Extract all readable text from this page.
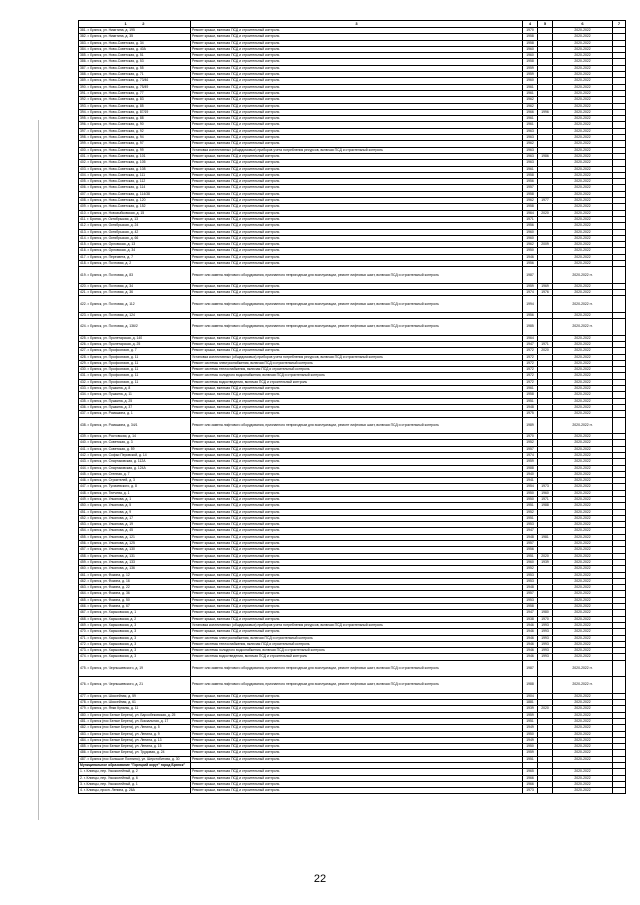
1 2	3	4	5	6	7
381. г. Брянск, ул. Никитина, д. 195	Ремонт крыши, включая ПСД и строительный контроль	1970		2020-2022	
382. г. Брянск, ул. Никитина, д. 35	Ремонт крыши, включая ПСД и строительный контроль	1958		2020-2022	
383. г. Брянск, ул. Ново-Советская, д. 34	Ремонт крыши, включая ПСД и строительный контроль	1958		2020-2022	
384. г. Брянск, ул. Ново-Советская, д. 40А	Ремонт крыши, включая ПСД и строительный контроль	1960		2020-2022	
385. г. Брянск, ул. Ново-Советская, д. 51	Ремонт крыши, включая ПСД и строительный контроль	1960		2020-2022	
386. г. Брянск, ул. Ново-Советская, д. 53	Ремонт крыши, включая ПСД и строительный контроль	1958		2020-2022	
387. г. Брянск, ул. Ново-Советская, д. 55	Ремонт крыши, включая ПСД и строительный контроль	1959		2020-2022	
388. г. Брянск, ул. Ново-Советская, д. 71	Ремонт крыши, включая ПСД и строительный контроль	1959		2020-2022	
389. г. Брянск, ул. Ново-Советская, д. 73/46	Ремонт крыши, включая ПСД и строительный контроль	1960		2020-2022	
390. г. Брянск, ул. Ново-Советская, д. 75/49	Ремонт крыши, включая ПСД и строительный контроль	1961		2020-2022	
391. г. Брянск, ул. Ново-Советская, д. 77	Ремонт крыши, включая ПСД и строительный контроль	1961		2020-2022	
392. г. Брянск, ул. Ново-Советская, д. 83	Ремонт крыши, включая ПСД и строительный контроль	1962		2020-2022	
393. г. Брянск, ул. Ново-Советская, д. 85	Ремонт крыши, включая ПСД и строительный контроль	1962		2020-2022	
394. г. Брянск, ул. Ново-Советская, д. 87/19	Ремонт крыши, включая ПСД и строительный контроль	1966	1996	2020-2022	
395. г. Брянск, ул. Ново-Советская, д. 88	Ремонт крыши, включая ПСД и строительный контроль	1961		2020-2022	
396. г. Брянск, ул. Ново-Советская, д. 90	Ремонт крыши, включая ПСД и строительный контроль	1961		2020-2022	
397. г. Брянск, ул. Ново-Советская, д. 92	Ремонт крыши, включая ПСД и строительный контроль	1963		2020-2022	
398. г. Брянск, ул. Ново-Советская, д. 94	Ремонт крыши, включая ПСД и строительный контроль	1963		2020-2022	
399. г. Брянск, ул. Ново-Советская, д. 97	Ремонт крыши, включая ПСД и строительный контроль	1962		2020-2022	
400. г. Брянск, ул. Ново-Советская, д. 99	Установка коллективных (общедомовых) приборов учета потребления ресурсов, включая ПСД и строительный контроль	1963		2020-2022	
401. г. Брянск, ул. Ново-Советская, д. 101	Ремонт крыши, включая ПСД и строительный контроль	1963	1986	2020-2022	
402. г. Брянск, ул. Ново-Советская, д. 105	Ремонт крыши, включая ПСД и строительный контроль	1963		2020-2022	
403. г. Брянск, ул. Ново-Советская, д. 108	Ремонт крыши, включая ПСД и строительный контроль	1961		2020-2022	
404. г. Брянск, ул. Ново-Советская, д. 111	Ремонт крыши, включая ПСД и строительный контроль	1958		2020-2022	
405. г. Брянск, ул. Ново-Советская, д. 112	Ремонт крыши, включая ПСД и строительный контроль	1956		2020-2022	
406. г. Брянск, ул. Ново-Советская, д. 114	Ремонт крыши, включая ПСД и строительный контроль	1957		2020-2022	
407. г. Брянск, ул. Ново-Советская, д. 114/38	Ремонт крыши, включая ПСД и строительный контроль	1958		2020-2022	
408. г. Брянск, ул. Ново-Советская, д. 120	Ремонт крыши, включая ПСД и строительный контроль	1962	1977	2020-2022	
409. г. Брянск, ул. Ново-Советская, д. 152	Ремонт крыши, включая ПСД и строительный контроль	1958		2020-2022	
410. г. Брянск, ул. Новозыбковская, д. 15	Ремонт крыши, включая ПСД и строительный контроль	1964	2020	2020-2022	
411. г. Брянск, ул. Октябрьская, д. 13	Ремонт крыши, включая ПСД и строительный контроль	1971		2020-2022	
412. г. Брянск, ул. Октябрьская, д. 24	Ремонт крыши, включая ПСД и строительный контроль	1956		2020-2022	
413. г. Брянск, ул. Октябрьская, д. 42	Ремонт крыши, включая ПСД и строительный контроль	1960		2020-2022	
414. г. Брянск, ул. Октябрьская, д. 66	Ремонт крыши, включая ПСД и строительный контроль	1960		2020-2022	
415. г. Брянск, ул. Орловская, д. 13	Ремонт крыши, включая ПСД и строительный контроль	1962	2009	2020-2022	
416. г. Брянск, ул. Орловская, д. 34	Ремонт крыши, включая ПСД и строительный контроль	1950		2020-2022	
417. г. Брянск, ул. Пересвета, д. 7	Ремонт крыши, включая ПСД и строительный контроль	1946		2020-2022	
418. г. Брянск, ул. Почтовая, д. 2	Ремонт крыши, включая ПСД и строительный контроль	1956		2020-2022	
419. г. Брянск, ул. Почтовая, д. 83	Ремонт или замена лифтового оборудования, признанного непригодным для эксплуатации, ремонт лифтовых шахт, включая ПСД и строительный контроль	1987		2020-2022 гг.	
420. г. Брянск, ул. Почтовая, д. 34	Ремонт крыши, включая ПСД и строительный контроль	1959	1969	2020-2022	
421. г. Брянск, ул. Почтовая, д. 36	Ремонт крыши, включая ПСД и строительный контроль	1974	1976	2020-2022	
422. г. Брянск, ул. Почтовая, д. 112	Ремонт или замена лифтового оборудования, признанного непригодным для эксплуатации, ремонт лифтовых шахт, включая ПСД и строительный контроль	1994		2020-2022 гг.	
423. г. Брянск, ул. Почтовая, д. 124	Ремонт крыши, включая ПСД и строительный контроль	1956		2020-2022	
424. г. Брянск, ул. Почтовая, д. 136/2	Ремонт или замена лифтового оборудования, признанного непригодным для эксплуатации, ремонт лифтовых шахт, включая ПСД и строительный контроль	1985		2020-2022 гг.	
425. г. Брянск, ул. Пролетарская, д. 140	Ремонт крыши, включая ПСД и строительный контроль	1964		2020-2022	
426. г. Брянск, ул. Пролетарская, д. 25	Ремонт крыши, включая ПСД и строительный контроль	1947	1971	2020-2022	
427. г. Брянск, ул. Профсоюзов, д. 7	Ремонт крыши, включая ПСД и строительный контроль	1972	2020	2020-2022	
428. г. Брянск, ул. Профсоюзов, д. 11	Установка коллективных (общедомовых) приборов учета потребления ресурсов, включая ПСД и строительный контроль	1972		2020-2022	
429. г. Брянск, ул. Профсоюзов, д. 11	Ремонт системы электроснабжения, включая ПСД и строительный контроль	1972		2020-2022	
430. г. Брянск, ул. Профсоюзов, д. 11	Ремонт системы теплоснабжения, включая ПСД и строительный контроль	1972		2020-2022	
431. г. Брянск, ул. Профсоюзов, д. 11	Ремонт системы холодного водоснабжения, включая ПСД и строительный контроль	1972		2020-2022	
432. г. Брянск, ул. Профсоюзов, д. 11	Ремонт системы водоотведения, включая ПСД и строительный контроль	1972		2020-2022	
433. г. Брянск, ул. Пушкина, д. 8	Ремонт крыши, включая ПСД и строительный контроль	1961		2020-2022	
434. г. Брянск, ул. Пушкина, д. 11	Ремонт крыши, включая ПСД и строительный контроль	1958		2020-2022	
435. г. Брянск, ул. Пушкина, д. 25	Ремонт крыши, включая ПСД и строительный контроль	1951		2020-2022	
436. г. Брянск, ул. Пушкина, д. 37	Ремонт крыши, включая ПСД и строительный контроль	1948		2020-2022	
437. г. Брянск, ул. Ромашина, д. 1	Ремонт крыши, включая ПСД и строительный контроль	1975		2020-2022	
438. г. Брянск, ул. Ромашина, д. 34/1	Ремонт или замена лифтового оборудования, признанного непригодным для эксплуатации, ремонт лифтовых шахт, включая ПСД и строительный контроль	1989		2020-2022 гг.	
439. г. Брянск, ул. Ростовская, д. 14	Ремонт крыши, включая ПСД и строительный контроль	1970		2020-2022	
440. г. Брянск, ул. Советская, д. 3	Ремонт крыши, включая ПСД и строительный контроль	1952		2020-2022	
441. г. Брянск, ул. Советская, д. 59	Ремонт крыши, включая ПСД и строительный контроль	1957		2020-2022	
442. г. Брянск, ул. Софьи Перовской, д. 14	Ремонт крыши, включая ПСД и строительный контроль	1974		2020-2022	
443. г. Брянск, ул. Спартаковская, д. 112А	Ремонт крыши, включая ПСД и строительный контроль	1959		2020-2022	
444. г. Брянск, ул. Спартаковская, д. 124А	Ремонт крыши, включая ПСД и строительный контроль	1988		2020-2022	
445. г. Брянск, ул. Степная, д. 7	Ремонт крыши, включая ПСД и строительный контроль	1940		2020-2022	
446. г. Брянск, ул. Строителей, д. 3	Ремонт крыши, включая ПСД и строительный контроль	1941		2020-2022	
447. г. Брянск, ул. Тухачевского, д. 8	Ремонт крыши, включая ПСД и строительный контроль	1954	1973	2020-2022	
448. г. Брянск, ул. Тютчева, д. 1	Ремонт крыши, включая ПСД и строительный контроль	1950	1960	2020-2022	
449. г. Брянск, ул. Ульянова, д. 1	Ремонт крыши, включая ПСД и строительный контроль	1950	1971	2020-2022	
450. г. Брянск, ул. Ульянова, д. 5	Ремонт крыши, включая ПСД и строительный контроль	1951	1988	2020-2022	
451. г. Брянск, ул. Ульянова, д. 9	Ремонт крыши, включая ПСД и строительный контроль	1952		2020-2022	
452. г. Брянск, ул. Ульянова, д. 17	Ремонт крыши, включая ПСД и строительный контроль	1951		2020-2022	
453. г. Брянск, ул. Ульянова, д. 19	Ремонт крыши, включая ПСД и строительный контроль	1953		2020-2022	
454. г. Брянск, ул. Ульянова, д. 45	Ремонт крыши, включая ПСД и строительный контроль	1947		2020-2022	
455. г. Брянск, ул. Ульянова, д. 121	Ремонт крыши, включая ПСД и строительный контроль	1948	1981	2020-2022	
456. г. Брянск, ул. Ульянова, д. 125	Ремонт крыши, включая ПСД и строительный контроль	1957		2020-2022	
457. г. Брянск, ул. Ульянова, д. 130	Ремонт крыши, включая ПСД и строительный контроль	1956		2020-2022	
458. г. Брянск, ул. Ульянова, д. 131	Ремонт крыши, включая ПСД и строительный контроль	1951	2020	2020-2022	
459. г. Брянск, ул. Ульянова, д. 133	Ремонт крыши, включая ПСД и строительный контроль	1960	1939	2020-2022	
460. г. Брянск, ул. Ульянова, д. 136	Ремонт крыши, включая ПСД и строительный контроль	1952		2020-2022	
461. г. Брянск, ул. Фокина, д. 12	Ремонт крыши, включая ПСД и строительный контроль	1953		2020-2022	
462. г. Брянск, ул. Фокина, д. 16	Ремонт крыши, включая ПСД и строительный контроль	1953		2020-2022	
463. г. Брянск, ул. Фокина, д. 22	Ремонт крыши, включая ПСД и строительный контроль	1948		2020-2022	
464. г. Брянск, ул. Фокина, д. 36	Ремонт крыши, включая ПСД и строительный контроль	1957		2020-2022	
465. г. Брянск, ул. Фокина, д. 50	Ремонт крыши, включая ПСД и строительный контроль	1953		2020-2022	
466. г. Брянск, ул. Фокина, д. 67	Ремонт крыши, включая ПСД и строительный контроль	1958		2020-2022	
467. г. Брянск, ул. Харьковская, д. 1	Ремонт крыши, включая ПСД и строительный контроль	1947	1980	2020-2022	
468. г. Брянск, ул. Харьковская, д. 2	Ремонт крыши, включая ПСД и строительный контроль	1938	1970	2020-2022	
469. г. Брянск, ул. Харьковская, д. 3	Установка коллективных (общедомовых) приборов учета потребления ресурсов, включая ПСД и строительный контроль	1946	1993	2020-2022	
470. г. Брянск, ул. Харьковская, д. 3	Ремонт крыши, включая ПСД и строительный контроль	1946	1993	2020-2022	
471. г. Брянск, ул. Харьковская, д. 3	Ремонт системы электроснабжения, включая ПСД и строительный контроль	1946	1993	2020-2022	
472. г. Брянск, ул. Харьковская, д. 3	Ремонт системы теплоснабжения, включая ПСД и строительный контроль	1946	1993	2020-2022	
473. г. Брянск, ул. Харьковская, д. 3	Ремонт системы холодного водоснабжения, включая ПСД и строительный контроль	1946	1993	2020-2022	
474. г. Брянск, ул. Харьковская, д. 3	Ремонт системы водоотведения, включая ПСД и строительный контроль	1946	1993	2020-2022	
475. г. Брянск, ул. Чернышевского, д. 19	Ремонт или замена лифтового оборудования, признанного непригодным для эксплуатации, ремонт лифтовых шахт, включая ПСД и строительный контроль	1987		2020-2022 гг.	
476. г. Брянск, ул. Чернышевского, д. 21	Ремонт или замена лифтового оборудования, признанного непригодным для эксплуатации, ремонт лифтовых шахт, включая ПСД и строительный контроль	1988		2020-2022 гг.	
477. г. Брянск, ул. Шоссейная, д. 59	Ремонт крыши, включая ПСД и строительный контроль	1904		2020-2022	
478. г. Брянск, ул. Шоссейная, д. 61	Ремонт крыши, включая ПСД и строительный контроль	1881		2020-2022	
479. г. Брянск, ул. Янки Купалы, д. 11	Ремонт крыши, включая ПСД и строительный контроль	1939	2020	2020-2022	
480. г. Брянск (пос Белые Берега), ул. Барсобековская, д. 25	Ремонт крыши, включая ПСД и строительный контроль	1959		2020-2022	
481. г. Брянск (пос Белые Берега), ул. Вокзальная, д. 17	Ремонт крыши, включая ПСД и строительный контроль	1951		2020-2022	
482. г. Брянск (пос Белые Берега), ул. Ленина, д. 5	Ремонт крыши, включая ПСД и строительный контроль	1949		2020-2022	
483. г. Брянск (пос Белые Берега), ул. Ленина, д. 9	Ремонт крыши, включая ПСД и строительный контроль	1950		2020-2022	
484. г. Брянск (пос Белые Берега), ул. Ленина, д. 13	Ремонт крыши, включая ПСД и строительный контроль	1949		2020-2022	
485. г. Брянск (пос Белые Берега), ул. Ленина, д. 15	Ремонт крыши, включая ПСД и строительный контроль	1950		2020-2022	
486. г. Брянск (пос Белые Берега), ул. Трудовая, д. 24	Ремонт крыши, включая ПСД и строительный контроль	1959		2020-2022	
487. г. Брянск (пос Большое Полпино), ул. Шерстобитова, д. 30	Ремонт крыши, включая ПСД и строительный контроль	1951		2020-2022	
Муниципальное образование "Горецкий округ" город Брянск"					
1. г. Клинцы, пер. Узкоколейный, д. 2	Ремонт крыши, включая ПСД и строительный контроль	1965		2020-2022	
2. г. Клинцы, пер. Узкоколейный, д. 6	Ремонт крыши, включая ПСД и строительный контроль	1966		2020-2022	
3. г. Клинцы, пер. Узкоколейный, д. 1	Ремонт крыши, включая ПСД и строительный контроль	1966		2020-2022	
4. г. Клинцы, просп. Ленина, д. 26А	Ремонт крыши, включая ПСД и строительный контроль	1973		2020-2022	
22
